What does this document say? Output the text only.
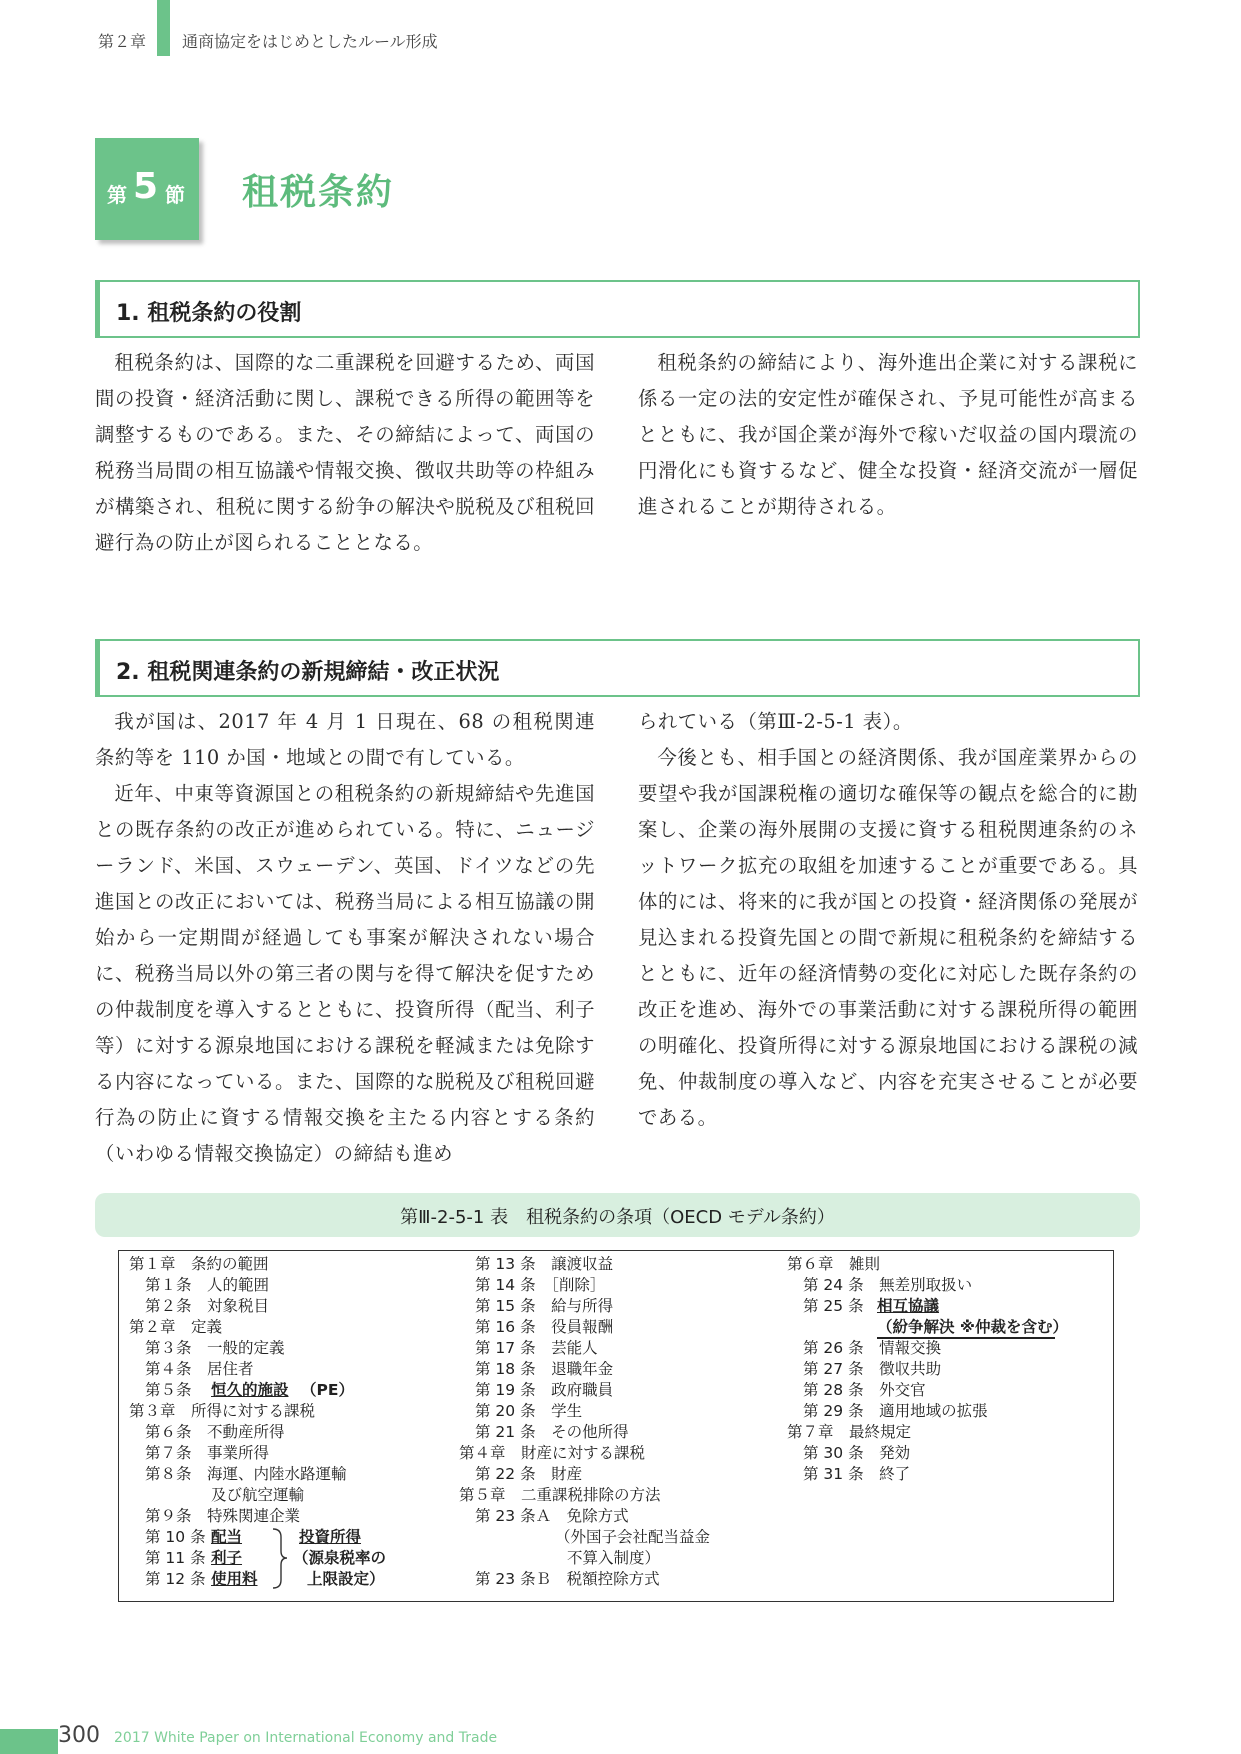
第２章 通商協定をはじめとしたルール形成
第 5 節 租税条約
1. 租税条約の役割

租税条約は、国際的な二重課税を回避するため、両国間の投資・経済活動に関し、課税できる所得の範囲等を調整するものである。また、その締結によって、両国の税務当局間の相互協議や情報交換、徴収共助等の枠組みが構築され、租税に関する紛争の解決や脱税及び租税回避行為の防止が図られることとなる。

租税条約の締結により、海外進出企業に対する課税に係る一定の法的安定性が確保され、予見可能性が高まるとともに、我が国企業が海外で稼いだ収益の国内環流の円滑化にも資するなど、健全な投資・経済交流が一層促進されることが期待される。

2. 租税関連条約の新規締結・改正状況

我が国は、2017 年 4 月 1 日現在、68 の租税関連条約等を 110 か国・地域との間で有している。

近年、中東等資源国との租税条約の新規締結や先進国との既存条約の改正が進められている。特に、ニュージーランド、米国、スウェーデン、英国、ドイツなどの先進国との改正においては、税務当局による相互協議の開始から一定期間が経過しても事案が解決されない場合に、税務当局以外の第三者の関与を得て解決を促すための仲裁制度を導入するとともに、投資所得（配当、利子等）に対する源泉地国における課税を軽減または免除する内容になっている。また、国際的な脱税及び租税回避行為の防止に資する情報交換を主たる内容とする条約（いわゆる情報交換協定）の締結も進め

られている（第Ⅲ-2-5-1 表）。

今後とも、相手国との経済関係、我が国産業界からの要望や我が国課税権の適切な確保等の観点を総合的に勘案し、企業の海外展開の支援に資する租税関連条約のネットワーク拡充の取組を加速することが重要である。具体的には、将来的に我が国との投資・経済関係の発展が見込まれる投資先国との間で新規に租税条約を締結するとともに、近年の経済情勢の変化に対応した既存条約の改正を進め、海外での事業活動に対する課税所得の範囲の明確化、投資所得に対する源泉地国における課税の減免、仲裁制度の導入など、内容を充実させることが必要である。

第Ⅲ-2-5-1 表　租税条約の条項（OECD モデル条約）
第１章　条約の範囲
第１条　人的範囲
第２条　対象税目
第２章　定義
第３条　一般的定義
第４条　居住者
第５条 恒久的施設 （PE）
第３章　所得に対する課税
第６条　不動産所得
第７条　事業所得
第８条　海運、内陸水路運輸
及び航空運輸
第９条　特殊関連企業
第 10 条 配当
第 11 条 利子
第 12 条 使用料
投資所得
（源泉税率の
上限設定）
第 13 条　譲渡収益
第 14 条　［削除］
第 15 条　給与所得
第 16 条　役員報酬
第 17 条　芸能人
第 18 条　退職年金
第 19 条　政府職員
第 20 条　学生
第 21 条　その他所得
第４章　財産に対する課税
第 22 条　財産
第５章　二重課税排除の方法
第 23 条Ａ　免除方式
（外国子会社配当益金
不算入制度）
第 23 条Ｂ　税額控除方式
第６章　雑則
第 24 条　無差別取扱い
第 25 条 相互協議
（紛争解決 ※仲裁を含む）
第 26 条　情報交換
第 27 条　徴収共助
第 28 条　外交官
第 29 条　適用地域の拡張
第７章　最終規定
第 30 条　発効
第 31 条　終了
300 2017 White Paper on International Economy and Trade
